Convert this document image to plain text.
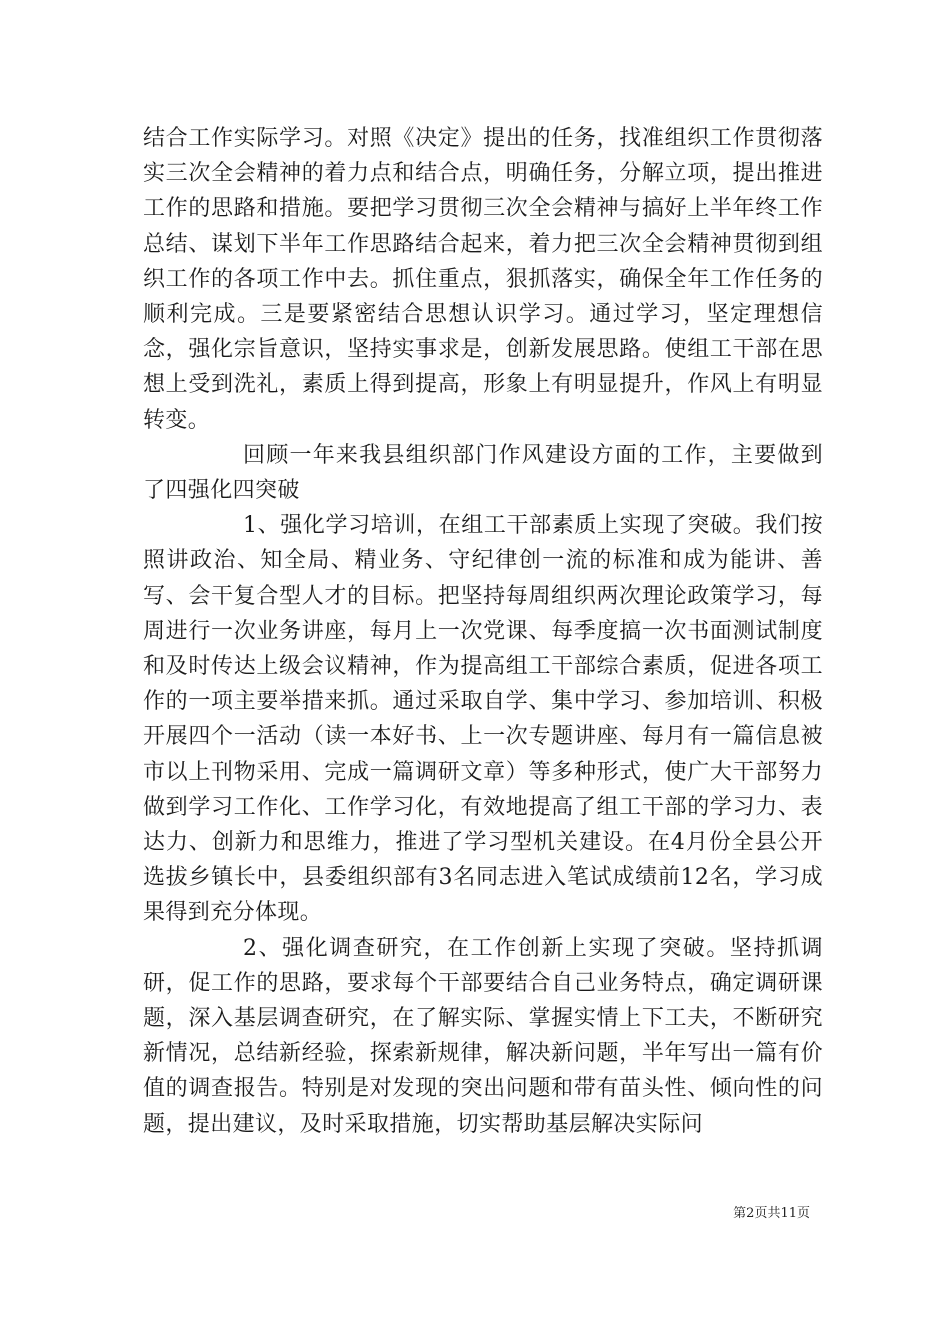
结合工作实际学习。对照《决定》提出的任务，找准组织工作贯彻落实三次全会精神的着力点和结合点，明确任务，分解立项，提出推进工作的思路和措施。要把学习贯彻三次全会精神与搞好上半年终工作总结、谋划下半年工作思路结合起来，着力把三次全会精神贯彻到组织工作的各项工作中去。抓住重点，狠抓落实，确保全年工作任务的顺利完成。三是要紧密结合思想认识学习。通过学习，坚定理想信念，强化宗旨意识，坚持实事求是，创新发展思路。使组工干部在思想上受到洗礼，素质上得到提高，形象上有明显提升，作风上有明显转变。

回顾一年来我县组织部门作风建设方面的工作，主要做到了四强化四突破

1、强化学习培训，在组工干部素质上实现了突破。我们按照讲政治、知全局、精业务、守纪律创一流的标准和成为能讲、善写、会干复合型人才的目标。把坚持每周组织两次理论政策学习，每周进行一次业务讲座，每月上一次党课、每季度搞一次书面测试制度和及时传达上级会议精神，作为提高组工干部综合素质，促进各项工作的一项主要举措来抓。通过采取自学、集中学习、参加培训、积极开展四个一活动（读一本好书、上一次专题讲座、每月有一篇信息被市以上刊物采用、完成一篇调研文章）等多种形式，使广大干部努力做到学习工作化、工作学习化，有效地提高了组工干部的学习力、表达力、创新力和思维力，推进了学习型机关建设。在4月份全县公开选拔乡镇长中，县委组织部有3名同志进入笔试成绩前12名，学习成果得到充分体现。

2、强化调查研究，在工作创新上实现了突破。坚持抓调研，促工作的思路，要求每个干部要结合自己业务特点，确定调研课题，深入基层调查研究，在了解实际、掌握实情上下工夫，不断研究新情况，总结新经验，探索新规律，解决新问题，半年写出一篇有价值的调查报告。特别是对发现的突出问题和带有苗头性、倾向性的问题，提出建议，及时采取措施，切实帮助基层解决实际问

第2页共11页
